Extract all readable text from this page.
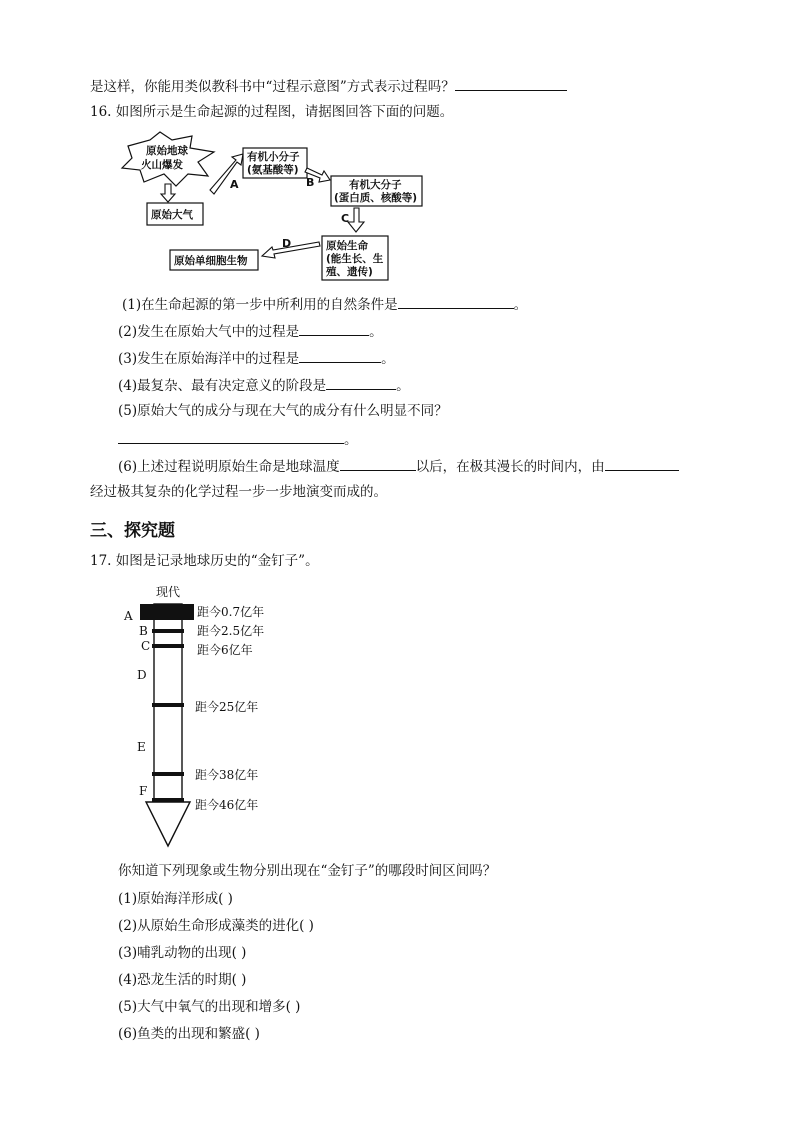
是这样，你能用类似教科书中“过程示意图”方式表示过程吗？
16. 如图所示是生命起源的过程图，请据图回答下面的问题。
原始地球
火山爆发
原始大气
A
有机小分子
(氨基酸等)
B	有机大分子
(蛋白质、核酸等)
C
原始生命
(能生长、生
殖、遗传)
D
原始单细胞生物
(1)在生命起源的第一步中所利用的自然条件是	。
(2)发生在原始大气中的过程是	。
(3)发生在原始海洋中的过程是	。
(4)最复杂、最有决定意义的阶段是	。
(5)原始大气的成分与现在大气的成分有什么明显不同？
。
(6)上述过程说明原始生命是地球温度	以后，在极其漫长的时间内，由
经过极其复杂的化学过程一步一步地演变而成的。
三、探究题
17. 如图是记录地球历史的“金钉子”。
现代
A
B
C
D
E
F
距今0.7亿年
距今2.5亿年
距今6亿年
距今25亿年
距今38亿年
距今46亿年
你知道下列现象或生物分别出现在“金钉子”的哪段时间区间吗？
(1)原始海洋形成( )
(2)从原始生命形成藻类的进化( )
(3)哺乳动物的出现( )
(4)恐龙生活的时期( )
(5)大气中氧气的出现和增多( )
(6)鱼类的出现和繁盛( )
